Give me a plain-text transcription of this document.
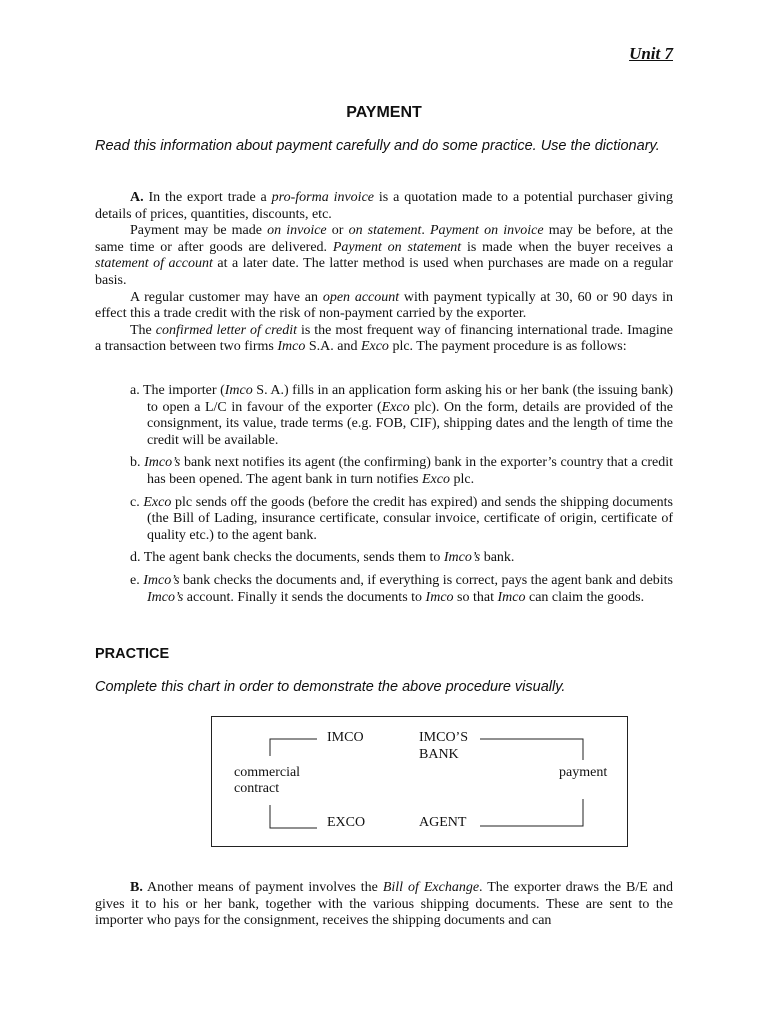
Unit 7
PAYMENT
Read this information about payment carefully and do some practice. Use the dictionary.

A. In the export trade a pro-forma invoice is a quotation made to a potential purchaser giving details of prices, quantities, discounts, etc.

Payment may be made on invoice or on statement. Payment on invoice may be before, at the same time or after goods are delivered. Payment on statement is made when the buyer receives a statement of account at a later date. The latter method is used when purchases are made on a regular basis.

A regular customer may have an open account with payment typically at 30, 60 or 90 days in effect this a trade credit with the risk of non-payment carried by the exporter.

The confirmed letter of credit is the most frequent way of financing international trade. Imagine a transaction between two firms Imco S.A. and Exco plc. The payment procedure is as follows:

a. The importer (Imco S. A.) fills in an application form asking his or her bank (the issuing bank) to open a L/C in favour of the exporter (Exco plc). On the form, details are provided of the consignment, its value, trade terms (e.g. FOB, CIF), shipping dates and the length of time the credit will be available.
b. Imco’s bank next notifies its agent (the confirming) bank in the exporter’s country that a credit has been opened. The agent bank in turn notifies Exco plc.
c. Exco plc sends off the goods (before the credit has expired) and sends the shipping documents (the Bill of Lading, insurance certificate, consular invoice, certificate of origin, certificate of quality etc.) to the agent bank.
d. The agent bank checks the documents, sends them to Imco’s bank.
e. Imco’s bank checks the documents and, if everything is correct, pays the agent bank and debits Imco’s account. Finally it sends the documents to Imco so that Imco can claim the goods.
PRACTICE
Complete this chart in order to demonstrate the above procedure visually.
IMCO	IMCO’S
BANK
commercial
contract
payment
EXCO	AGENT

B. Another means of payment involves the Bill of Exchange. The exporter draws the B/E and gives it to his or her bank, together with the various shipping documents. These are sent to the importer who pays for the consignment, receives the shipping documents and can
